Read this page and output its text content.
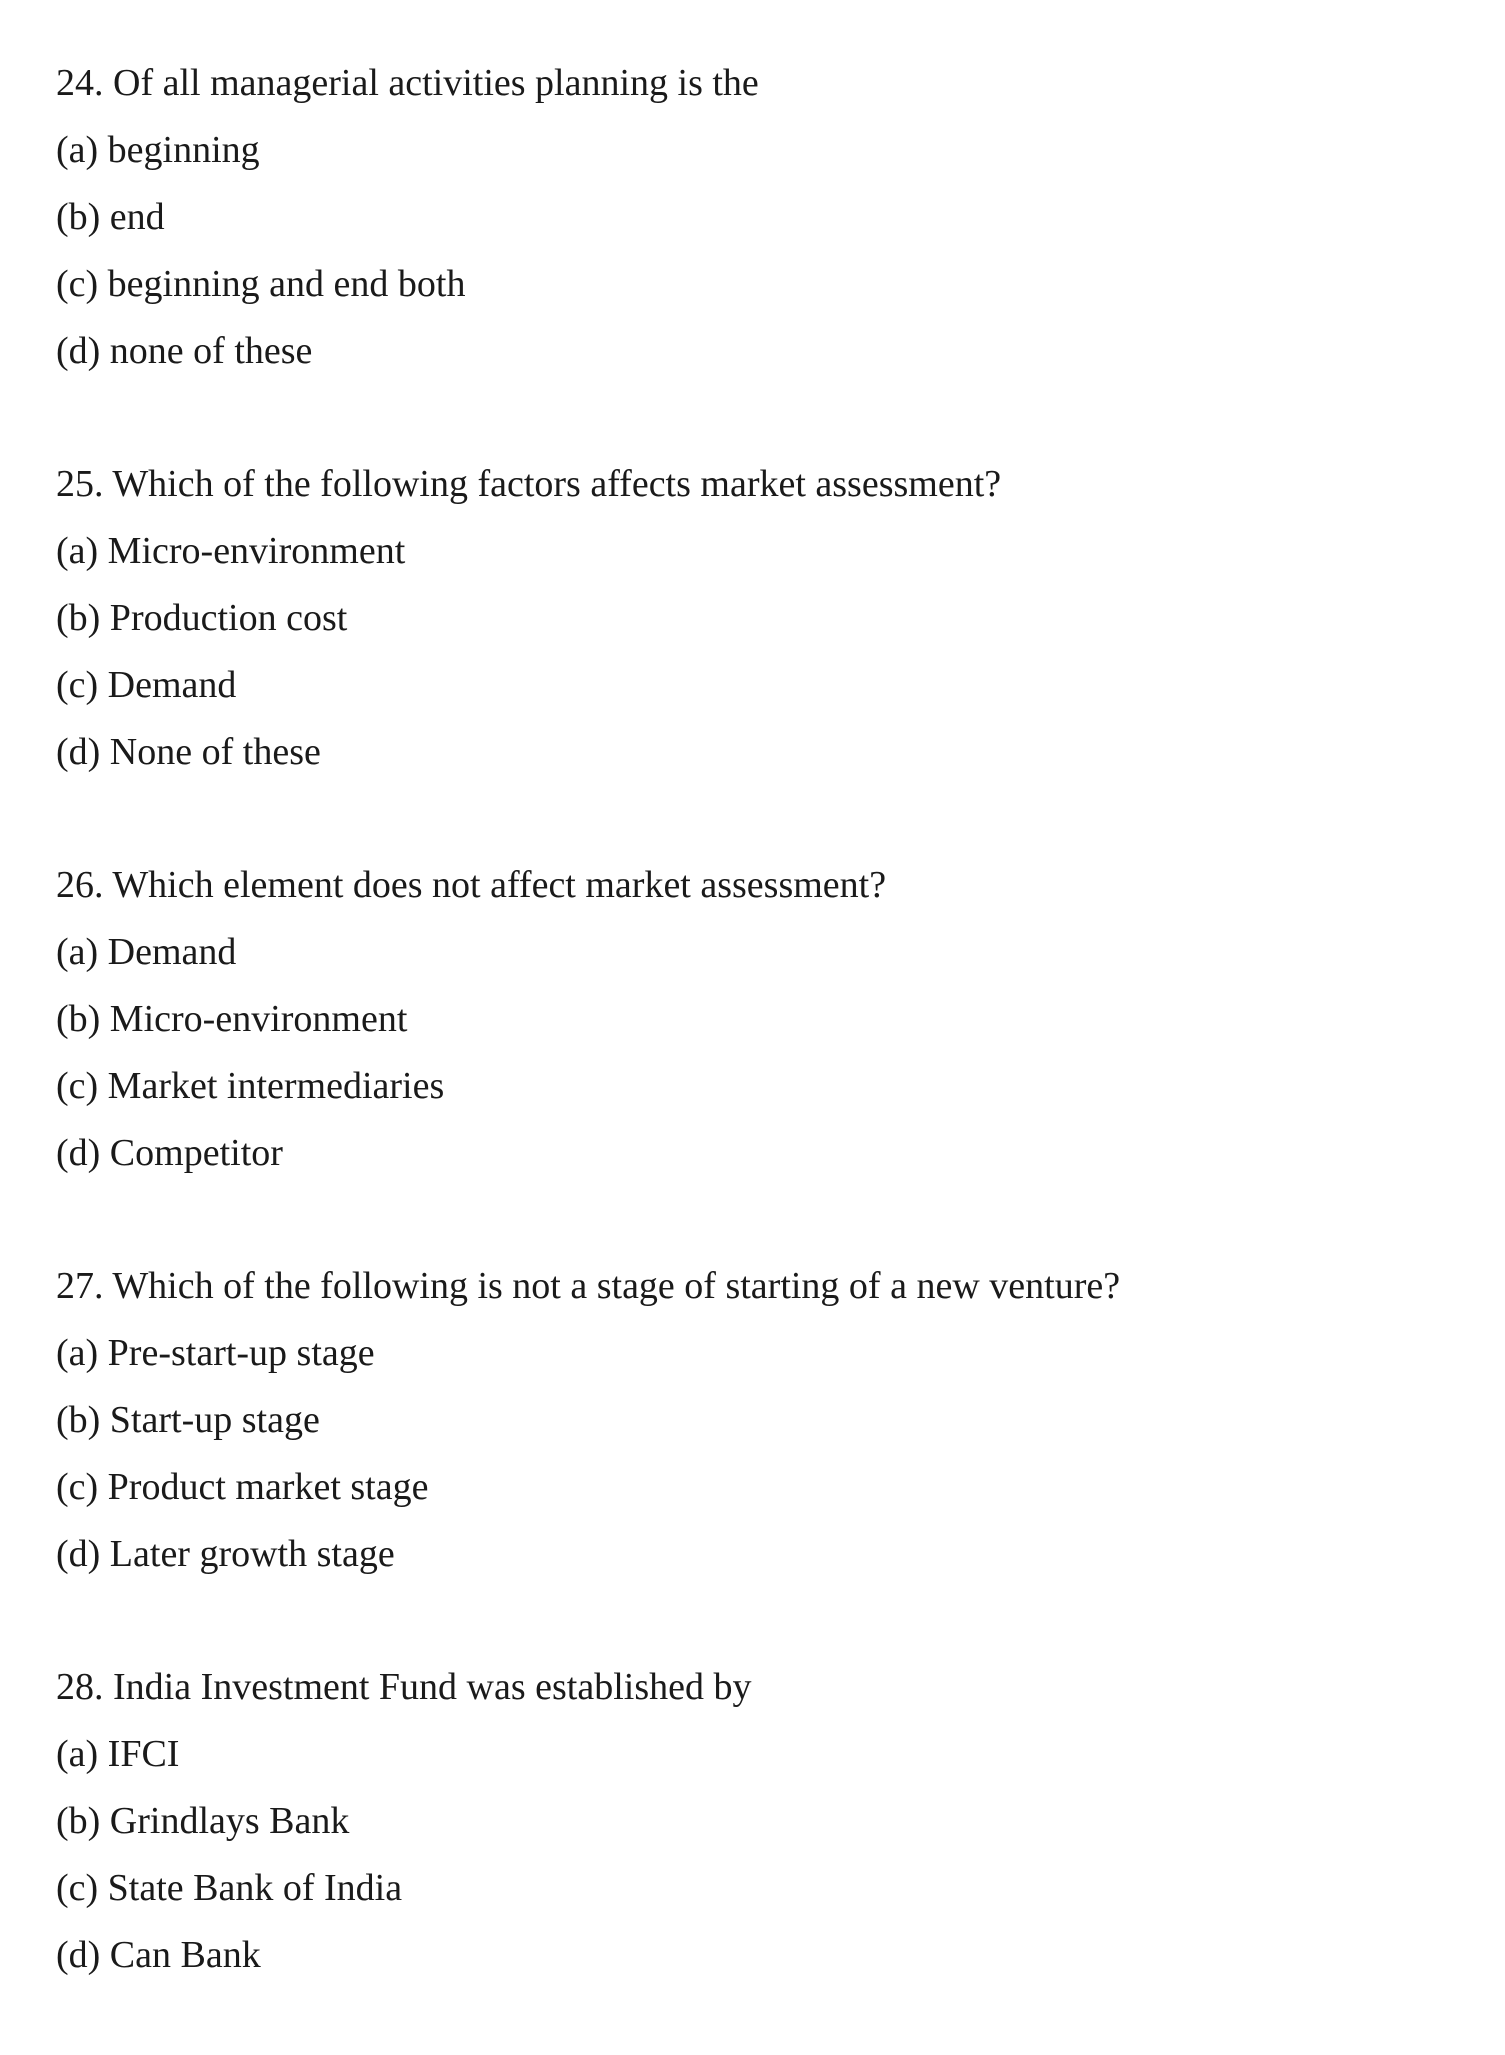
24. Of all managerial activities planning is the
(a) beginning
(b) end
(c) beginning and end both
(d) none of these
25. Which of the following factors affects market assessment?
(a) Micro-environment
(b) Production cost
(c) Demand
(d) None of these
26. Which element does not affect market assessment?
(a) Demand
(b) Micro-environment
(c) Market intermediaries
(d) Competitor
27. Which of the following is not a stage of starting of a new venture?
(a) Pre-start-up stage
(b) Start-up stage
(c) Product market stage
(d) Later growth stage
28. India Investment Fund was established by
(a) IFCI
(b) Grindlays Bank
(c) State Bank of India
(d) Can Bank
